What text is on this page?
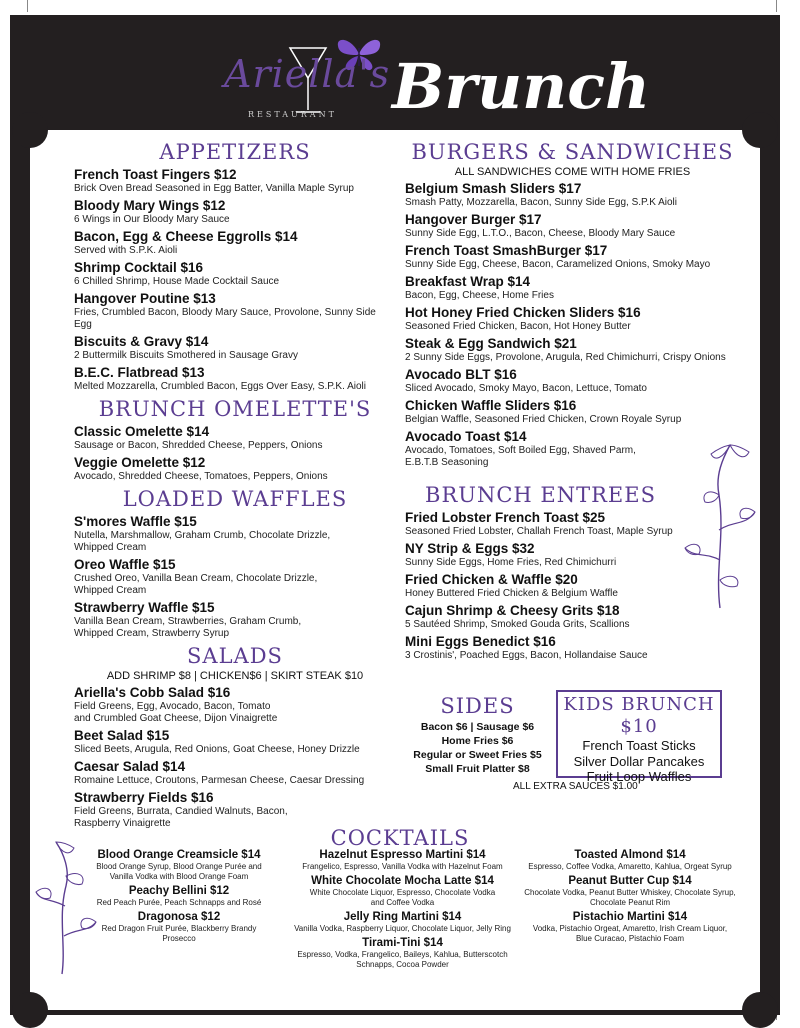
Ariella's
RESTAURANT Brunch
APPETIZERS
French Toast Fingers $12
Brick Oven Bread Seasoned in Egg Batter, Vanilla Maple Syrup
Bloody Mary Wings $12
6 Wings in Our Bloody Mary Sauce
Bacon, Egg & Cheese Eggrolls $14
Served with S.P.K. Aioli
Shrimp Cocktail $16
6 Chilled Shrimp, House Made Cocktail Sauce
Hangover Poutine $13
Fries, Crumbled Bacon, Bloody Mary Sauce, Provolone, Sunny Side Egg
Biscuits & Gravy $14
2 Buttermilk Biscuits Smothered in Sausage Gravy
B.E.C. Flatbread $13
Melted Mozzarella, Crumbled Bacon, Eggs Over Easy, S.P.K. Aioli
BRUNCH OMELETTE'S
Classic Omelette $14
Sausage or Bacon, Shredded Cheese, Peppers, Onions
Veggie Omelette $12
Avocado, Shredded Cheese, Tomatoes, Peppers, Onions
LOADED WAFFLES
S'mores Waffle $15
Nutella, Marshmallow, Graham Crumb, Chocolate Drizzle,
Whipped Cream
Oreo Waffle $15
Crushed Oreo, Vanilla Bean Cream, Chocolate Drizzle,
Whipped Cream
Strawberry Waffle $15
Vanilla Bean Cream, Strawberries, Graham Crumb,
Whipped Cream, Strawberry Syrup
SALADS
ADD SHRIMP $8 | CHICKEN$6 | SKIRT STEAK $10
Ariella's Cobb Salad $16
Field Greens, Egg, Avocado, Bacon, Tomato
and Crumbled Goat Cheese, Dijon Vinaigrette
Beet Salad $15
Sliced Beets, Arugula, Red Onions, Goat Cheese, Honey Drizzle
Caesar Salad $14
Romaine Lettuce, Croutons, Parmesan Cheese, Caesar Dressing
Strawberry Fields $16
Field Greens, Burrata, Candied Walnuts, Bacon,
Raspberry Vinaigrette
BURGERS & SANDWICHES
ALL SANDWICHES COME WITH HOME FRIES
Belgium Smash Sliders $17
Smash Patty, Mozzarella, Bacon, Sunny Side Egg, S.P.K Aioli
Hangover Burger $17
Sunny Side Egg, L.T.O., Bacon, Cheese, Bloody Mary Sauce
French Toast SmashBurger $17
Sunny Side Egg, Cheese, Bacon, Caramelized Onions, Smoky Mayo
Breakfast Wrap $14
Bacon, Egg, Cheese, Home Fries
Hot Honey Fried Chicken Sliders $16
Seasoned Fried Chicken, Bacon, Hot Honey Butter
Steak & Egg Sandwich $21
2 Sunny Side Eggs, Provolone, Arugula, Red Chimichurri, Crispy Onions
Avocado BLT $16
Sliced Avocado, Smoky Mayo, Bacon, Lettuce, Tomato
Chicken Waffle Sliders $16
Belgian Waffle, Seasoned Fried Chicken, Crown Royale Syrup
Avocado Toast $14
Avocado, Tomatoes, Soft Boiled Egg, Shaved Parm,
E.B.T.B Seasoning
BRUNCH ENTREES
Fried Lobster French Toast $25
Seasoned Fried Lobster, Challah French Toast, Maple Syrup
NY Strip & Eggs $32
Sunny Side Eggs, Home Fries, Red Chimichurri
Fried Chicken & Waffle $20
Honey Buttered Fried Chicken & Belgium Waffle
Cajun Shrimp & Cheesy Grits $18
5 Sautéed Shrimp, Smoked Gouda Grits, Scallions
Mini Eggs Benedict $16
3 Crostinis', Poached Eggs, Bacon, Hollandaise Sauce
SIDES
Bacon $6 | Sausage $6
Home Fries $6
Regular or Sweet Fries $5
Small Fruit Platter $8
KIDS BRUNCH $10
French Toast Sticks
Silver Dollar Pancakes
Fruit Loop Waffles
ALL EXTRA SAUCES $1.00
COCKTAILS
Blood Orange Creamsicle $14
Blood Orange Syrup, Blood Orange Purée and
Vanilla Vodka with Blood Orange Foam
Peachy Bellini $12
Red Peach Purée, Peach Schnapps and Rosé
Dragonosa $12
Red Dragon Fruit Purée, Blackberry Brandy Prosecco
Hazelnut Espresso Martini $14
Frangelico, Espresso, Vanilla Vodka with Hazelnut Foam
White Chocolate Mocha Latte $14
White Chocolate Liquor, Espresso, Chocolate Vodka
and Coffee Vodka
Jelly Ring Martini $14
Vanilla Vodka, Raspberry Liquor, Chocolate Liquor, Jelly Ring
Tirami-Tini $14
Espresso, Vodka, Frangelico, Baileys, Kahlua, Butterscotch
Schnapps, Cocoa Powder
Toasted Almond $14
Espresso, Coffee Vodka, Amaretto, Kahlua, Orgeat Syrup
Peanut Butter Cup $14
Chocolate Vodka, Peanut Butter Whiskey, Chocolate Syrup,
Chocolate Peanut Rim
Pistachio Martini $14
Vodka, Pistachio Orgeat, Amaretto, Irish Cream Liquor,
Blue Curacao, Pistachio Foam
